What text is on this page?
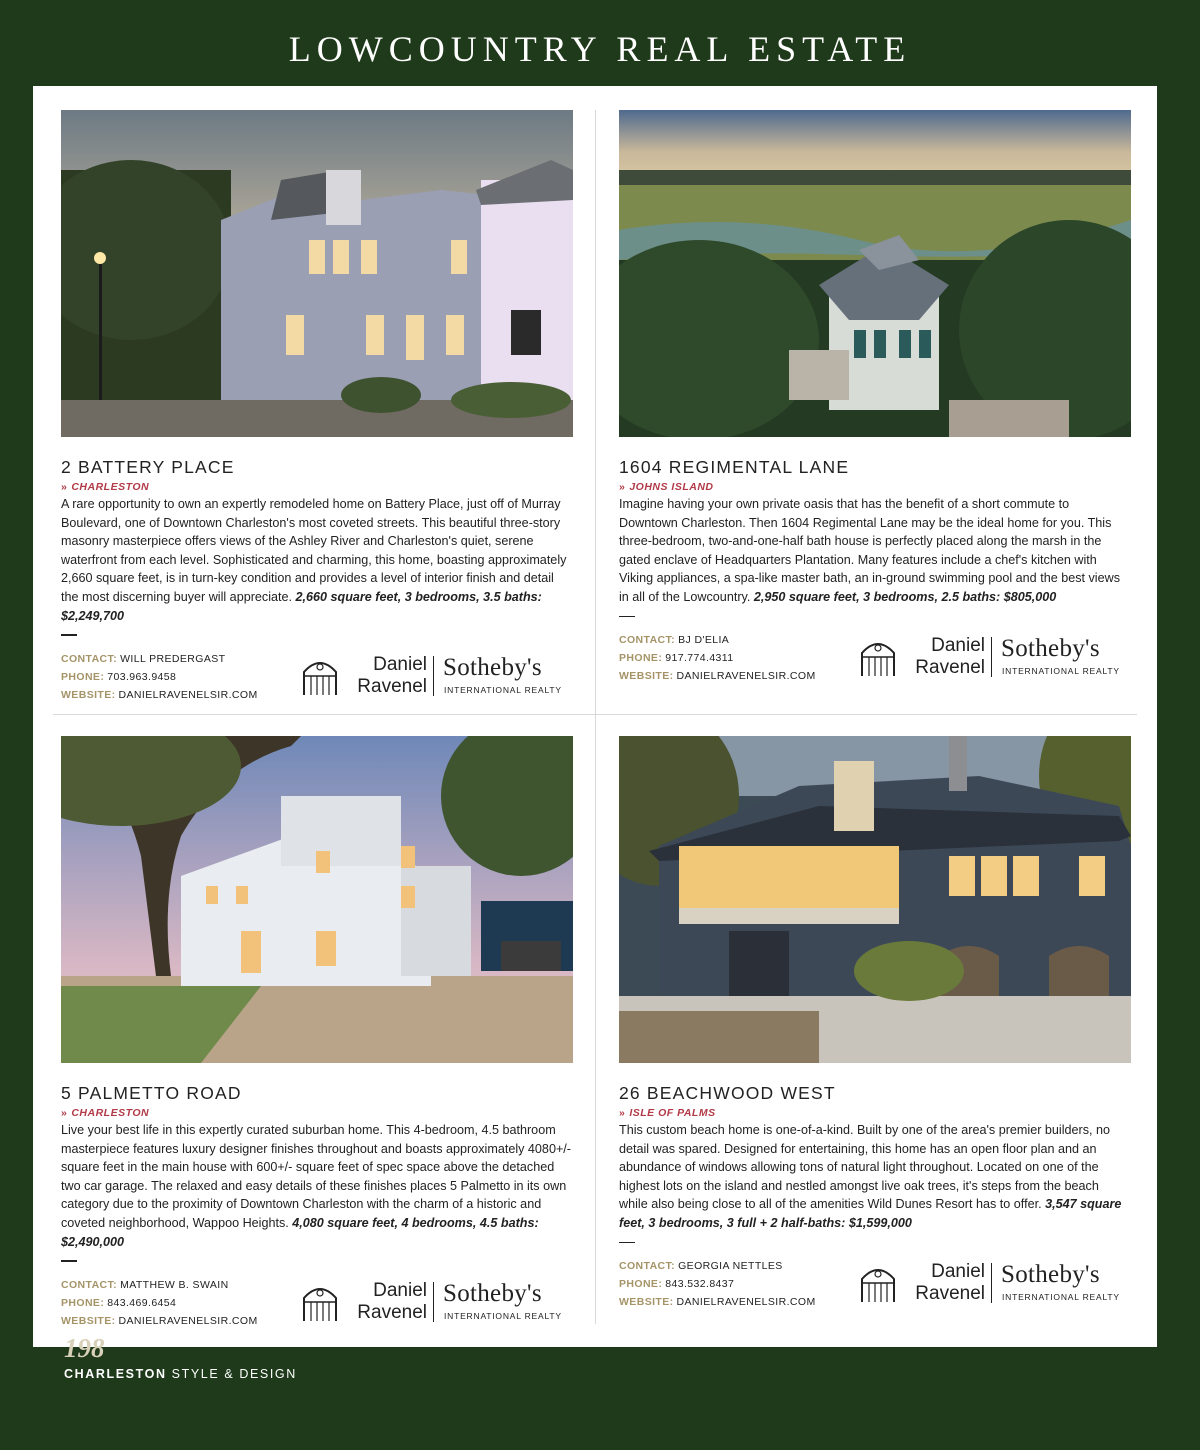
LOWCOUNTRY REAL ESTATE
2 BATTERY PLACE
» CHARLESTON
A rare opportunity to own an expertly remodeled home on Battery Place, just off of Murray Boulevard, one of Downtown Charleston's most coveted streets. This beautiful three-story masonry masterpiece offers views of the Ashley River and Charleston's quiet, serene waterfront from each level. Sophisticated and charming, this home, boasting approximately 2,660 square feet, is in turn-key condition and provides a level of interior finish and detail the most discerning buyer will appreciate. 2,660 square feet, 3 bedrooms, 3.5 baths: $2,249,700
CONTACT: WILL PREDERGAST
PHONE: 703.963.9458
WEBSITE: DANIELRAVENELSIR.COM
Daniel
Ravenel
Sotheby's
INTERNATIONAL REALTY
1604 REGIMENTAL LANE
» JOHNS ISLAND
Imagine having your own private oasis that has the benefit of a short commute to Downtown Charleston. Then 1604 Regimental Lane may be the ideal home for you. This three-bedroom, two-and-one-half bath house is perfectly placed along the marsh in the gated enclave of Headquarters Plantation. Many features include a chef's kitchen with Viking appliances, a spa-like master bath, an in-ground swimming pool and the best views in all of the Lowcountry. 2,950 square feet, 3 bedrooms, 2.5 baths: $805,000
CONTACT: BJ D'ELIA
PHONE: 917.774.4311
WEBSITE: DANIELRAVENELSIR.COM
Daniel
Ravenel
Sotheby's
INTERNATIONAL REALTY
5 PALMETTO ROAD
» CHARLESTON
Live your best life in this expertly curated suburban home. This 4-bedroom, 4.5 bathroom masterpiece features luxury designer finishes throughout and boasts approximately 4080+/- square feet in the main house with 600+/- square feet of spec space above the detached two car garage. The relaxed and easy details of these finishes places 5 Palmetto in its own category due to the proximity of Downtown Charleston with the charm of a historic and coveted neighborhood, Wappoo Heights. 4,080 square feet, 4 bedrooms, 4.5 baths: $2,490,000
CONTACT: MATTHEW B. SWAIN
PHONE: 843.469.6454
WEBSITE: DANIELRAVENELSIR.COM
Daniel
Ravenel
Sotheby's
INTERNATIONAL REALTY
26 BEACHWOOD WEST
» ISLE OF PALMS
This custom beach home is one-of-a-kind. Built by one of the area's premier builders, no detail was spared. Designed for entertaining, this home has an open floor plan and an abundance of windows allowing tons of natural light throughout. Located on one of the highest lots on the island and nestled amongst live oak trees, it's steps from the beach while also being close to all of the amenities Wild Dunes Resort has to offer. 3,547 square feet, 3 bedrooms, 3 full + 2 half-baths: $1,599,000
CONTACT: GEORGIA NETTLES
PHONE: 843.532.8437
WEBSITE: DANIELRAVENELSIR.COM
Daniel
Ravenel
Sotheby's
INTERNATIONAL REALTY
198
CHARLESTON STYLE & DESIGN
